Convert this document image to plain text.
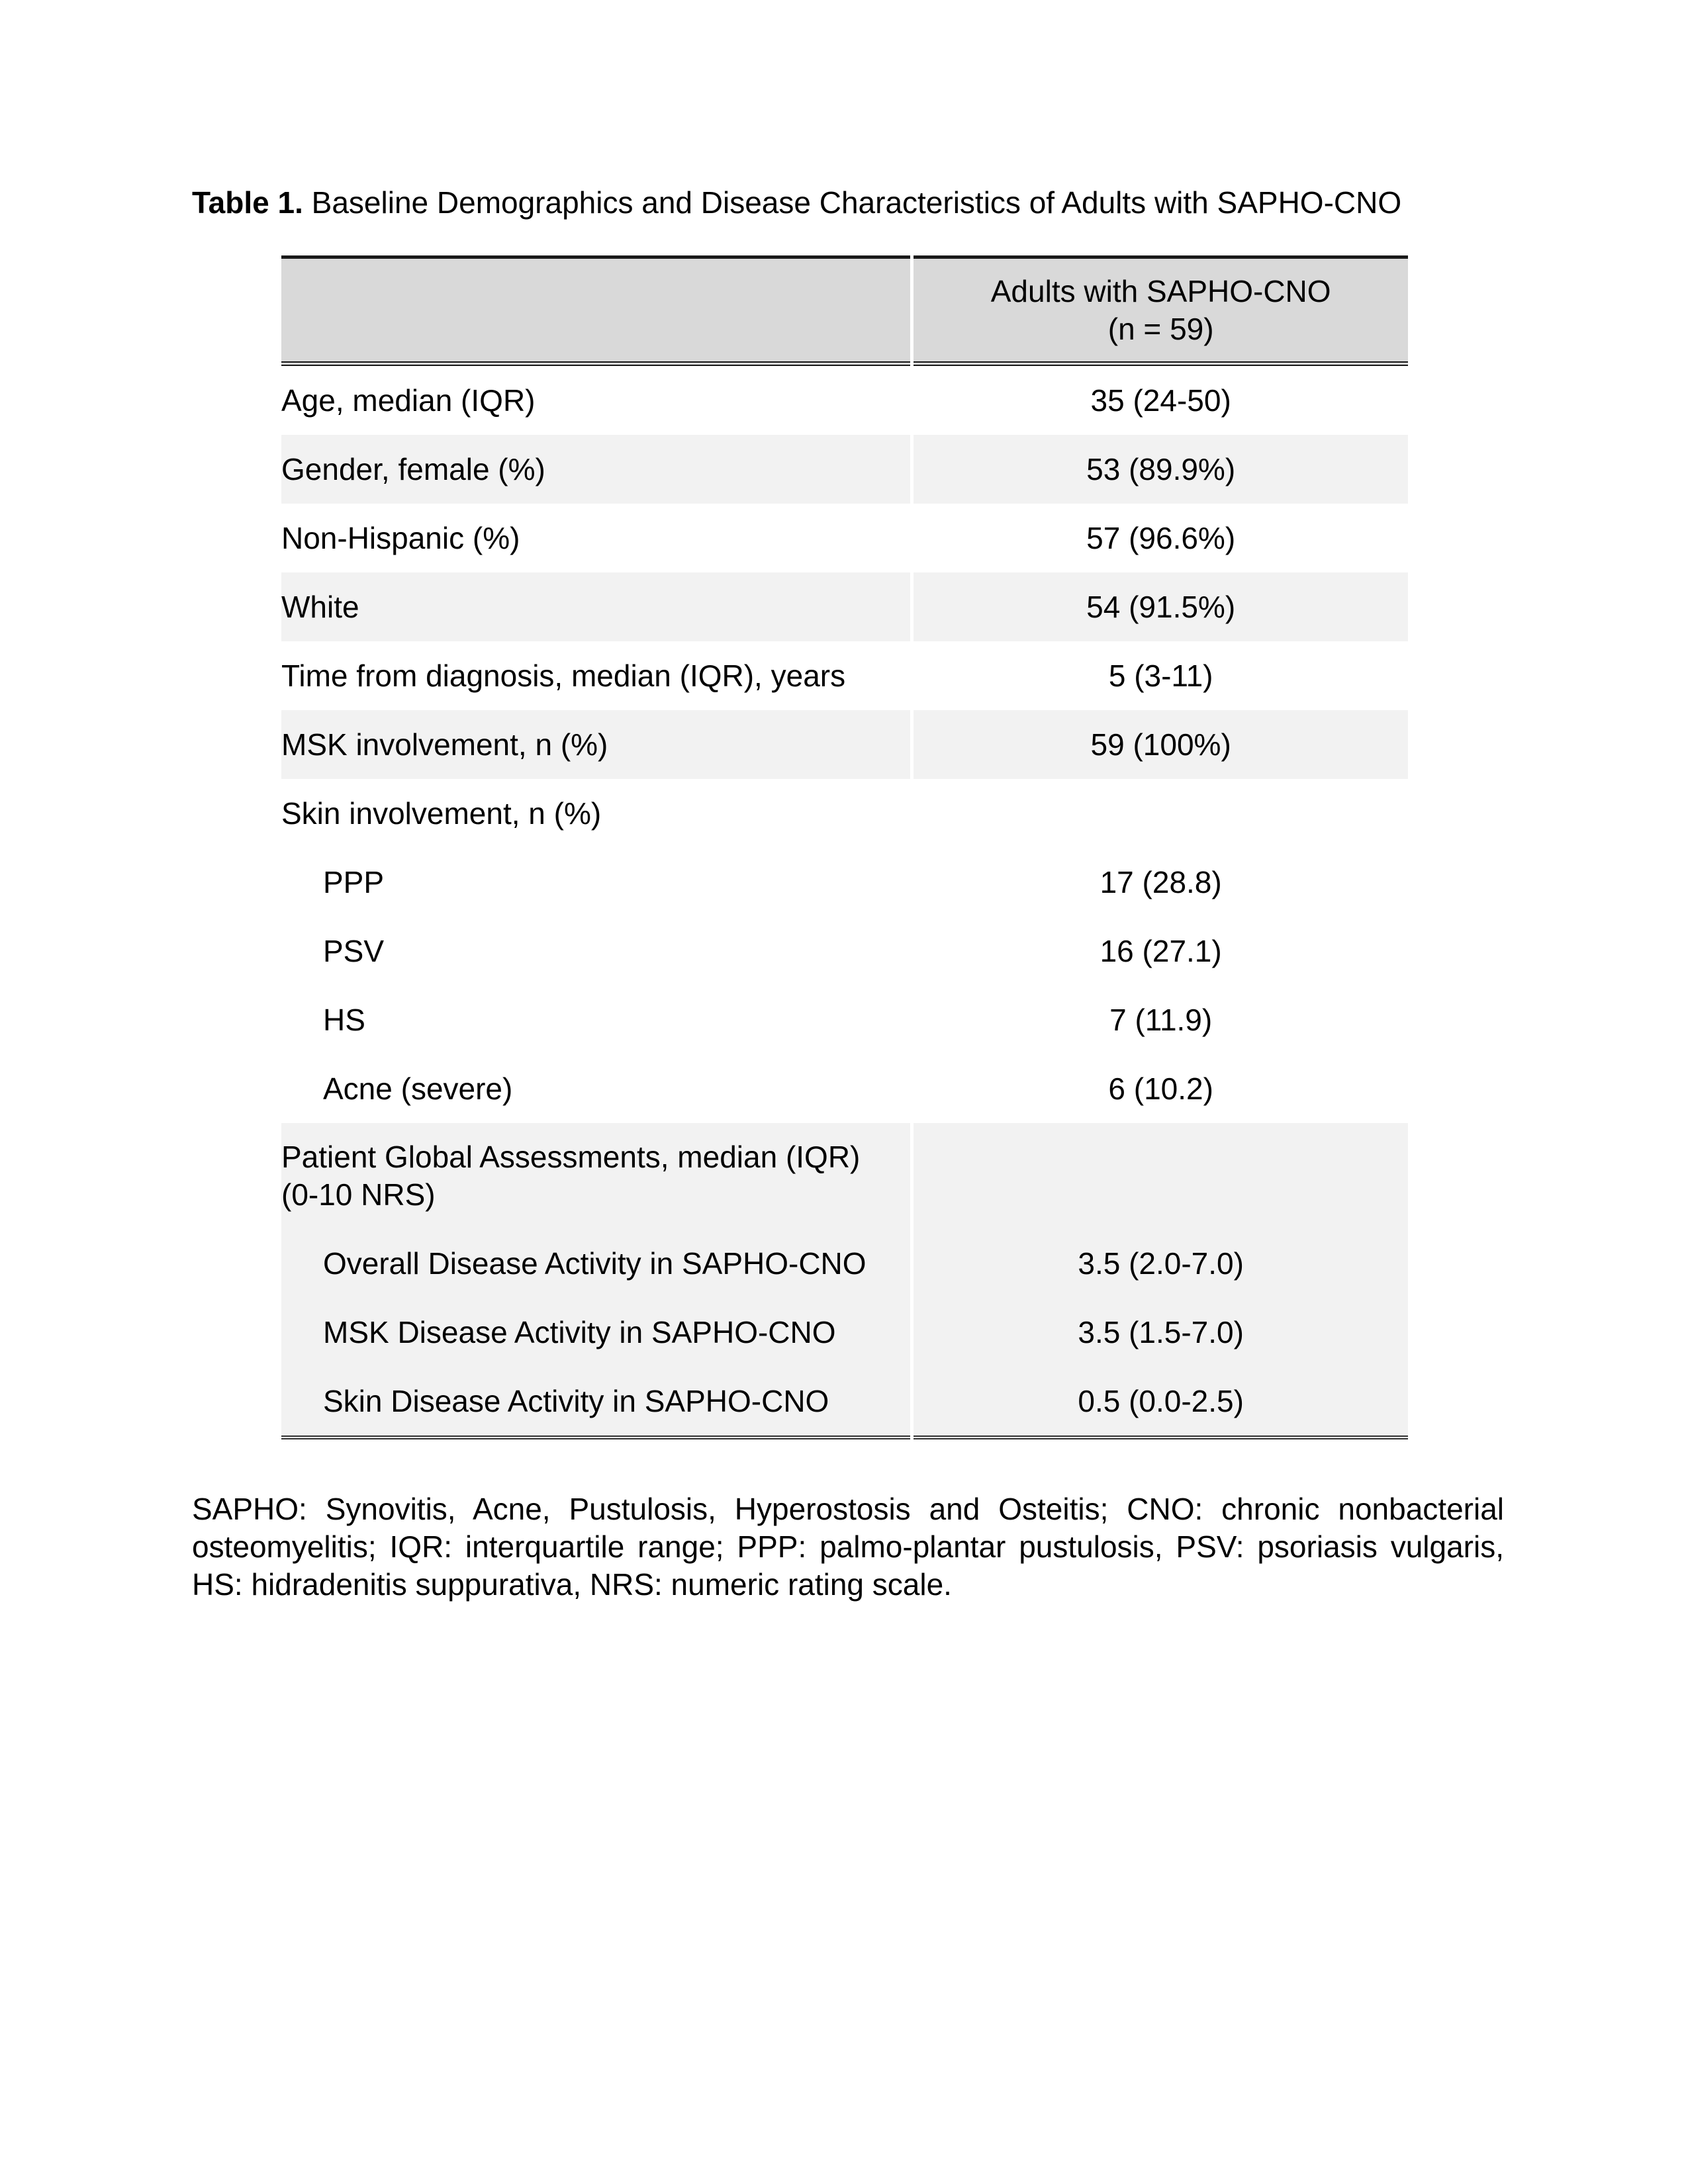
Table 1. Baseline Demographics and Disease Characteristics of Adults with SAPHO-CNO

	Adults with SAPHO-CNO
(n = 59)

Age, median (IQR)	35 (24-50)
Gender, female (%)	53 (89.9%)
Non-Hispanic (%)	57 (96.6%)
White	54 (91.5%)
Time from diagnosis, median (IQR), years	5 (3-11)
MSK involvement, n (%)	59 (100%)
Skin involvement, n (%)	
PPP	17 (28.8)
PSV	16 (27.1)
HS	7 (11.9)
Acne (severe)	6 (10.2)
Patient Global Assessments, median (IQR)
(0-10 NRS)	

Overall Disease Activity in SAPHO-CNO	3.5 (2.0-7.0)
MSK Disease Activity in SAPHO-CNO	3.5 (1.5-7.0)
Skin Disease Activity in SAPHO-CNO	0.5 (0.0-2.5)
SAPHO: Synovitis, Acne, Pustulosis, Hyperostosis and Osteitis; CNO: chronic nonbacterial osteomyelitis; IQR: interquartile range; PPP: palmo-plantar pustulosis, PSV: psoriasis vulgaris, HS: hidradenitis suppurativa, NRS: numeric rating scale.
